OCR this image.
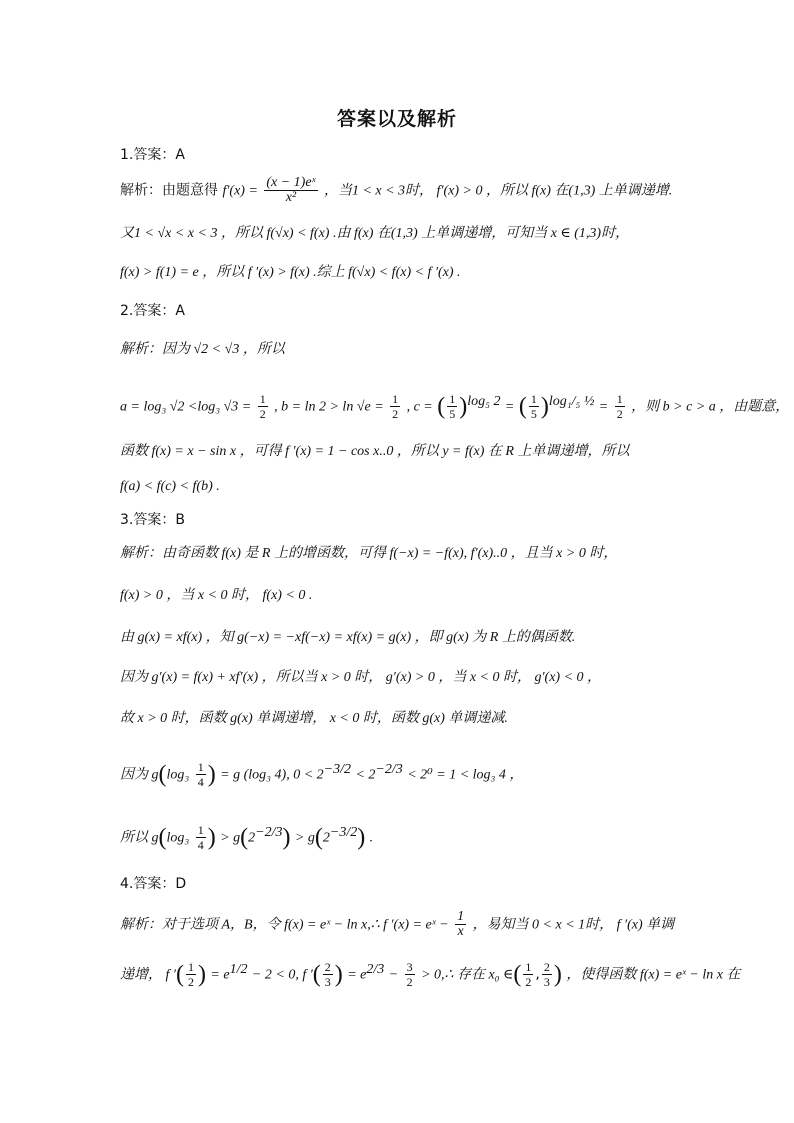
答案以及解析
1.答案：A
解析：由题意得 $f'(x) = \frac{\text{(x − 1)eˣ}}{\text{x²}}$ ，当1 < x < 3时， f′(x) > 0 ，所以 f(x) 在(1,3) 上单调递增.
又1 < √x < x < 3 ，所以 f(√x) < f(x) .由 f(x) 在(1,3) 上单调递增，可知当 x ∈ (1,3)时，
f(x) > f(1) = e ，所以 f ′(x) > f(x) .综上 f(√x) < f(x) < f ′(x) .
2.答案：A
解析：因为 √2 < √3 ，所以
a = log₃ √2 <log₃ $√3 = \frac{1}{2}$ , $b = \ln 2 > \ln √e = \frac{1}{2}$ , c = ( $\frac{1}{5} )^{log_5 2}$ = ( $\frac{1}{5} )^{log_1/_5 \frac{1}{2}} = \frac{1}{2}$ ，则 b > c > a ，由题意，
函数 f(x) = x − sin x ，可得 f ′(x) = 1 − cos x..0 ，所以 y = f(x) 在 R 上单调递增，所以
f(a) < f(c) < f(b) .
3.答案：B
解析：由奇函数 f(x) 是 R 上的增函数，可得 f(−x) = −f(x), f′(x)..0 ，且当 x > 0 时，
f(x) > 0 ，当 x < 0 时， f(x) < 0 .
由 g(x) = xf(x) ，知 g(−x) = −xf(−x) = xf(x) = g(x) ，即 g(x) 为 R 上的偶函数.
因为 g′(x) = f(x) + xf′(x) ，所以当 x > 0 时， g′(x) > 0 ，当 x < 0 时， g′(x) < 0 ，
故 x > 0 时，函数 g(x) 单调递增， x < 0 时，函数 g(x) 单调递减.
因为 $g(\log_3 \frac{1}{4}$ ) = g (log₃ 4), $0 < 2^{-3/2} < 2^{-2/3} < 2^0 = 1 < \log_3$ 4 ，
所以 $g(\log_3 \frac{1}{4}$ ) > $g(2^{-2/3}) > g(2^{-3/2})$ .
4.答案：D
解析：对于选项 A，B，令 f(x) = eˣ − ln x,∴ f ′(x) = eˣ − $\frac{1}{x}$ ，易知当 0 < x < 1时， f ′(x) 单调
递增， f ′( $\frac{1}{2}$ ) = $e^{1/2} - 2 < 0$, f ′( $\frac{2}{3}$ ) = $e^{2/3} - \frac{3}{2}$ > 0,∴ 存在 x₀ ∈( $\frac{1}{2}$ , $\frac{2}{3}$ ) ，使得函数 f(x) = eˣ − ln x 在
